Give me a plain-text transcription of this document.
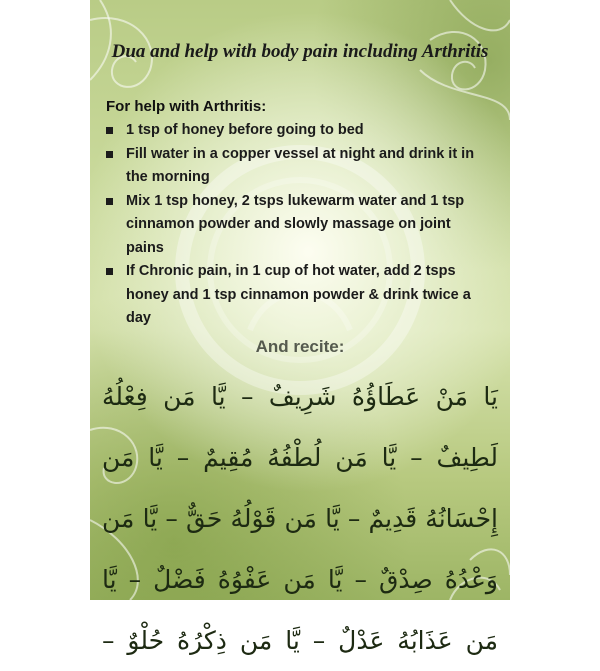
Dua and help with body pain including Arthritis
For help with Arthritis:
1 tsp of honey before going to bed
Fill water in a copper vessel at night and drink it in the morning
Mix 1 tsp honey, 2 tsps lukewarm water and 1 tsp cinnamon powder and slowly massage on joint pains
If Chronic pain, in 1 cup of hot water, add 2 tsps honey and 1 tsp cinnamon powder & drink twice a day
And recite:
يَا مَنْ عَطَاؤُهُ شَرِيفٌ – يَّا مَن فِعْلُهُ لَطِيفٌ – يَّا مَن لُطْفُهُ مُقِيمٌ – يَّا مَن إِحْسَانُهُ قَدِيمٌ – يَّا مَن قَوْلُهُ حَقٌّ – يَّا مَن وَعْدُهُ صِدْقٌ – يَّا مَن عَفْوُهُ فَضْلٌ – يَّا مَن عَذَابُهُ عَدْلٌ – يَّا مَن ذِكْرُهُ حُلْوٌ –
